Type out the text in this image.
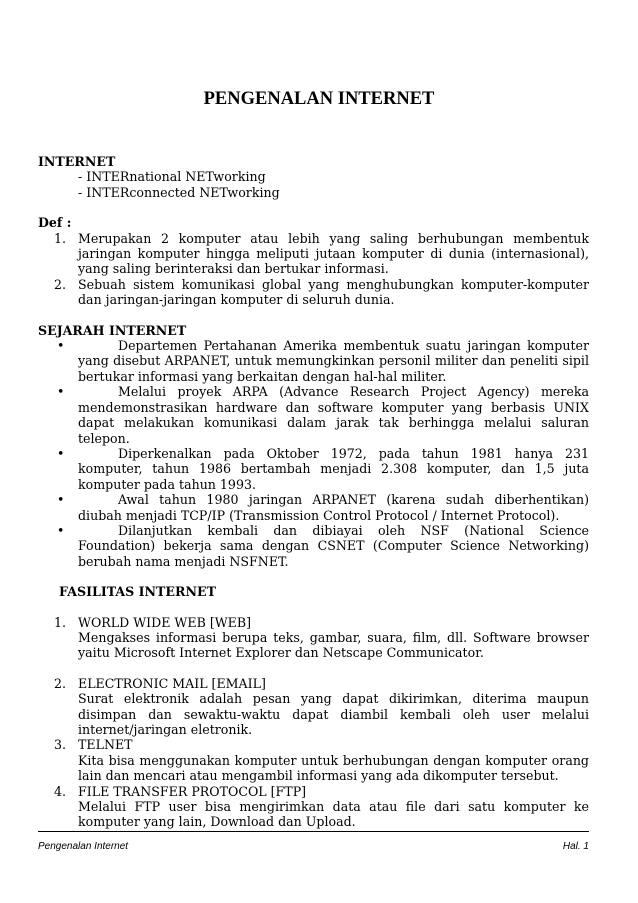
PENGENALAN INTERNET
INTERNET
- INTERnational NETworking
- INTERconnected NETworking
Def :
1. Merupakan 2 komputer atau lebih yang saling berhubungan membentuk jaringan komputer hingga meliputi jutaan komputer di dunia (internasional), yang saling berinteraksi dan bertukar informasi.
2. Sebuah sistem komunikasi global yang menghubungkan komputer-komputer dan jaringan-jaringan komputer di seluruh dunia.
SEJARAH INTERNET
•	Departemen Pertahanan Amerika membentuk suatu jaringan komputer yang disebut ARPANET, untuk memungkinkan personil militer dan peneliti sipil bertukar informasi yang berkaitan dengan hal-hal militer.
•	Melalui proyek ARPA (Advance Research Project Agency) mereka mendemonstrasikan hardware dan software komputer yang berbasis UNIX dapat melakukan komunikasi dalam jarak tak berhingga melalui saluran telepon.
•	Diperkenalkan pada Oktober 1972, pada tahun 1981 hanya 231 komputer, tahun 1986 bertambah menjadi 2.308 komputer, dan 1,5 juta komputer pada tahun 1993.
•	Awal tahun 1980 jaringan ARPANET (karena sudah diberhentikan) diubah menjadi TCP/IP (Transmission Control Protocol / Internet Protocol).
•	Dilanjutkan kembali dan dibiayai oleh NSF (National Science Foundation) bekerja sama dengan CSNET (Computer Science Networking) berubah nama menjadi NSFNET.
FASILITAS INTERNET
1. WORLD WIDE WEB [WEB]
Mengakses informasi berupa teks, gambar, suara, film, dll. Software browser yaitu Microsoft Internet Explorer dan Netscape Communicator.
2. ELECTRONIC MAIL [EMAIL]
Surat elektronik adalah pesan yang dapat dikirimkan, diterima maupun disimpan dan sewaktu-waktu dapat diambil kembali oleh user melalui internet/jaringan eletronik.
3. TELNET
Kita bisa menggunakan komputer untuk berhubungan dengan komputer orang lain dan mencari atau mengambil informasi yang ada dikomputer tersebut.
4. FILE TRANSFER PROTOCOL [FTP]
Melalui FTP user bisa mengirimkan data atau file dari satu komputer ke komputer yang lain, Download dan Upload.
Pengenalan Internet	Hal. 1
